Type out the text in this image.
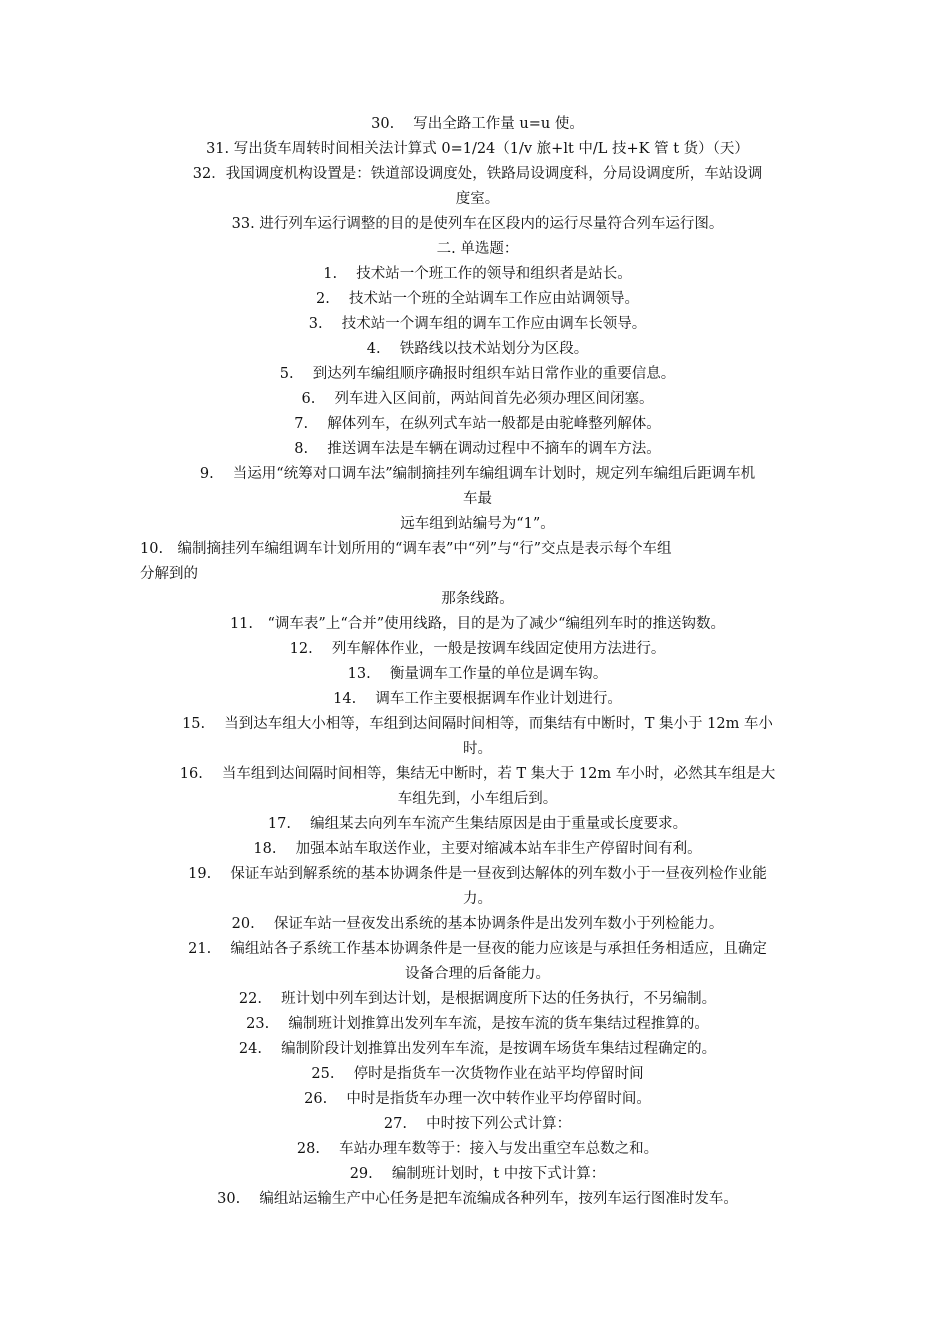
30.　 写出全路工作量 u=u 使。
31. 写出货车周转时间相关法计算式 0=1/24（1/v 旅+lt 中/L 技+K 管 t 货）（天）
32．我国调度机构设置是：铁道部设调度处，铁路局设调度科，分局设调度所，车站设调
度室。
33. 进行列车运行调整的目的是使列车在区段内的运行尽量符合列车运行图。
二. 单选题：
1.　 技术站一个班工作的领导和组织者是站长。
2.　 技术站一个班的全站调车工作应由站调领导。
3.　 技术站一个调车组的调车工作应由调车长领导。
4.　 铁路线以技术站划分为区段。
5.　 到达列车编组顺序确报时组织车站日常作业的重要信息。
6.　 列车进入区间前，两站间首先必须办理区间闭塞。
7.　 解体列车，在纵列式车站一般都是由驼峰整列解体。
8.　 推送调车法是车辆在调动过程中不摘车的调车方法。
9.　 当运用“统筹对口调车法”编制摘挂列车编组调车计划时，规定列车编组后距调车机
车最
远车组到站编号为“1”。
10.　编制摘挂列车编组调车计划所用的“调车表”中“列”与“行”交点是表示每个车组
分解到的
那条线路。
11.　“调车表”上“合并”使用线路，目的是为了减少“编组列车时的推送钩数。
12.　 列车解体作业，一般是按调车线固定使用方法进行。
13.　 衡量调车工作量的单位是调车钩。
14.　 调车工作主要根据调车作业计划进行。
15.　 当到达车组大小相等，车组到达间隔时间相等，而集结有中断时，T 集小于 12m 车小
时。
16.　 当车组到达间隔时间相等，集结无中断时，若 T 集大于 12m 车小时，必然其车组是大
车组先到，小车组后到。
17.　 编组某去向列车车流产生集结原因是由于重量或长度要求。
18.　 加强本站车取送作业，主要对缩减本站车非生产停留时间有利。
19.　 保证车站到解系统的基本协调条件是一昼夜到达解体的列车数小于一昼夜列检作业能
力。
20.　 保证车站一昼夜发出系统的基本协调条件是出发列车数小于列检能力。
21.　 编组站各子系统工作基本协调条件是一昼夜的能力应该是与承担任务相适应，且确定
设备合理的后备能力。
22.　 班计划中列车到达计划，是根据调度所下达的任务执行，不另编制。
23.　 编制班计划推算出发列车车流，是按车流的货车集结过程推算的。
24.　 编制阶段计划推算出发列车车流，是按调车场货车集结过程确定的。
25.　 停时是指货车一次货物作业在站平均停留时间
26.　 中时是指货车办理一次中转作业平均停留时间。
27.　 中时按下列公式计算：
28.　 车站办理车数等于：接入与发出重空车总数之和。
29.　 编制班计划时，t 中按下式计算：
30.　 编组站运输生产中心任务是把车流编成各种列车，按列车运行图准时发车。
